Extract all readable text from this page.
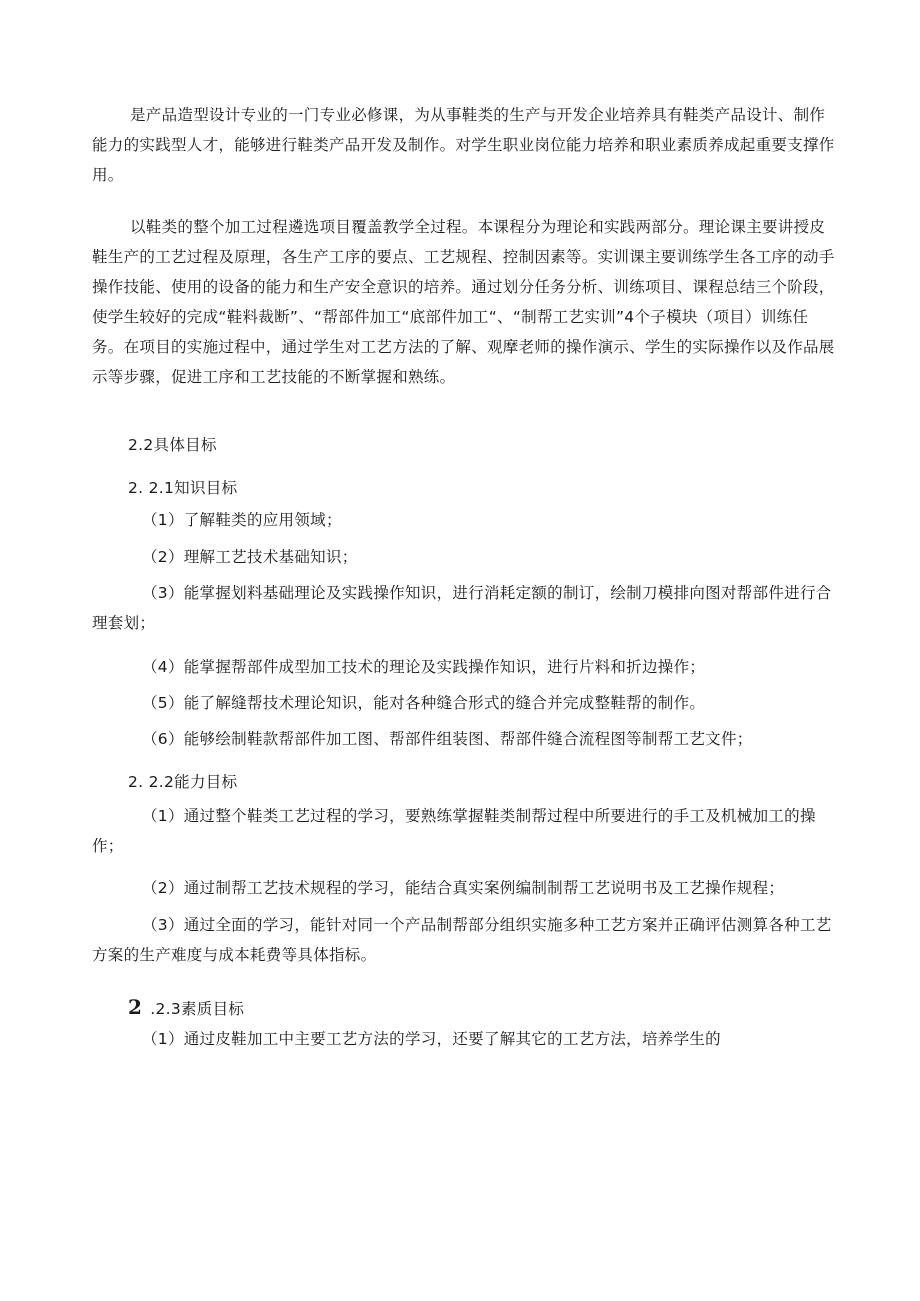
是产品造型设计专业的一门专业必修课，为从事鞋类的生产与开发企业培养具有鞋类产品设计、制作能力的实践型人才，能够进行鞋类产品开发及制作。对学生职业岗位能力培养和职业素质养成起重要支撑作用。

以鞋类的整个加工过程遴选项目覆盖教学全过程。本课程分为理论和实践两部分。理论课主要讲授皮鞋生产的工艺过程及原理，各生产工序的要点、工艺规程、控制因素等。实训课主要训练学生各工序的动手操作技能、使用的设备的能力和生产安全意识的培养。通过划分任务分析、训练项目、课程总结三个阶段，使学生较好的完成“鞋料裁断”、“帮部件加工“底部件加工“、“制帮工艺实训”4个子模块（项目）训练任务。在项目的实施过程中，通过学生对工艺方法的了解、观摩老师的操作演示、学生的实际操作以及作品展示等步骤，促进工序和工艺技能的不断掌握和熟练。

2.2具体目标
2. 2.1知识目标
（1）了解鞋类的应用领域；
（2）理解工艺技术基础知识；

（3）能掌握划料基础理论及实践操作知识，进行消耗定额的制订，绘制刀模排向图对帮部件进行合理套划；

（4）能掌握帮部件成型加工技术的理论及实践操作知识，进行片料和折边操作；
（5）能了解缝帮技术理论知识，能对各种缝合形式的缝合并完成整鞋帮的制作。
（6）能够绘制鞋款帮部件加工图、帮部件组装图、帮部件缝合流程图等制帮工艺文件；
2. 2.2能力目标

（1）通过整个鞋类工艺过程的学习，要熟练掌握鞋类制帮过程中所要进行的手工及机械加工的操作；

（2）通过制帮工艺技术规程的学习，能结合真实案例编制制帮工艺说明书及工艺操作规程；

（3）通过全面的学习，能针对同一个产品制帮部分组织实施多种工艺方案并正确评估测算各种工艺方案的生产难度与成本耗费等具体指标。

2 .2.3素质目标
（1）通过皮鞋加工中主要工艺方法的学习，还要了解其它的工艺方法，培养学生的
